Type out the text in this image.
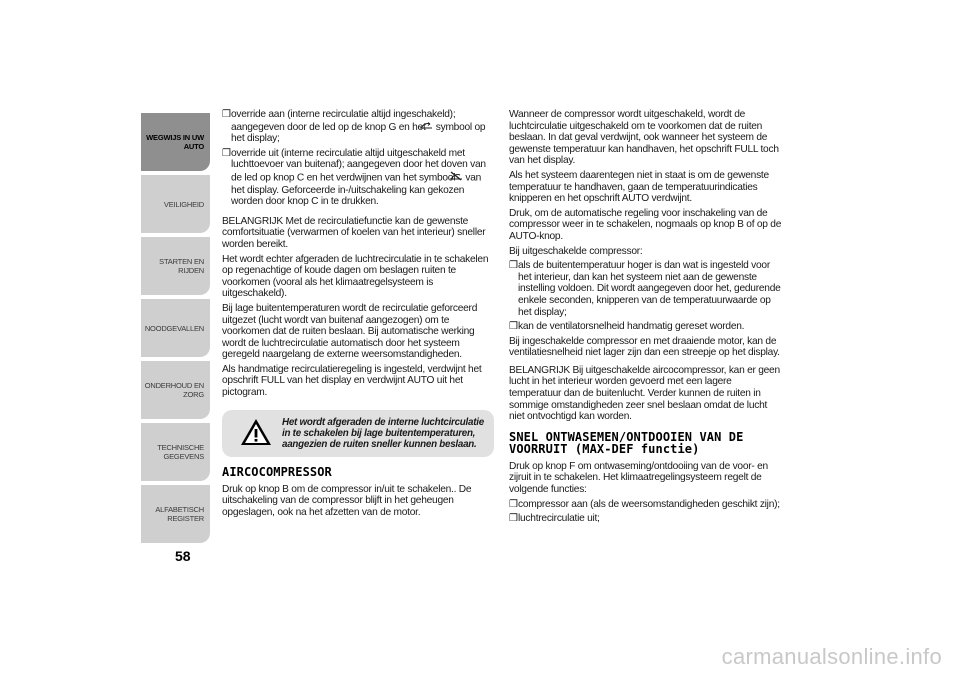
WEGWIJS IN UW AUTO
VEILIGHEID
STARTEN EN RIJDEN
NOODGEVALLEN
ONDERHOUD EN ZORG
TECHNISCHE GEGEVENS
ALFABETISCH REGISTER
58

❒override aan (interne recirculatie altijd ingeschakeld); aangegeven door de led op de knop G en het symbool op het display;

❒override uit (interne recirculatie altijd uitgeschakeld met luchttoevoer van buitenaf); aangegeven door het doven van de led op knop C en het verdwijnen van het symbool van het display. Geforceerde in-/uitschakeling kan gekozen worden door knop C in te drukken.

BELANGRIJK Met de recirculatiefunctie kan de gewenste comfortsituatie (verwarmen of koelen van het interieur) sneller worden bereikt.

Het wordt echter afgeraden de luchtrecirculatie in te schakelen op regenachtige of koude dagen om beslagen ruiten te voorkomen (vooral als het klimaatregelsysteem is uitgeschakeld).

Bij lage buitentemperaturen wordt de recirculatie geforceerd uitgezet (lucht wordt van buitenaf aangezogen) om te voorkomen dat de ruiten beslaan. Bij automatische werking wordt de luchtrecirculatie automatisch door het systeem geregeld naargelang de externe weersomstandigheden.

Als handmatige recirculatieregeling is ingesteld, verdwijnt het opschrift FULL van het display en verdwijnt AUTO uit het pictogram.

Het wordt afgeraden de interne luchtcirculatie in te schakelen bij lage buitentemperaturen, aangezien de ruiten sneller kunnen beslaan.
AIRCOCOMPRESSOR

Druk op knop B om de compressor in/uit te schakelen.. De uitschakeling van de compressor blijft in het geheugen opgeslagen, ook na het afzetten van de motor.

Wanneer de compressor wordt uitgeschakeld, wordt de luchtcirculatie uitgeschakeld om te voorkomen dat de ruiten beslaan. In dat geval verdwijnt, ook wanneer het systeem de gewenste temperatuur kan handhaven, het opschrift FULL toch van het display.

Als het systeem daarentegen niet in staat is om de gewenste temperatuur te handhaven, gaan de temperatuurindicaties knipperen en het opschrift AUTO verdwijnt.

Druk, om de automatische regeling voor inschakeling van de compressor weer in te schakelen, nogmaals op knop B of op de AUTO-knop.

Bij uitgeschakelde compressor:

❒als de buitentemperatuur hoger is dan wat is ingesteld voor het interieur, dan kan het systeem niet aan de gewenste instelling voldoen. Dit wordt aangegeven door het, gedurende enkele seconden, knipperen van de temperatuurwaarde op het display;

❒kan de ventilatorsnelheid handmatig gereset worden.

Bij ingeschakelde compressor en met draaiende motor, kan de ventilatiesnelheid niet lager zijn dan een streepje op het display.

BELANGRIJK Bij uitgeschakelde aircocompressor, kan er geen lucht in het interieur worden gevoerd met een lagere temperatuur dan de buitenlucht. Verder kunnen de ruiten in sommige omstandigheden zeer snel beslaan omdat de lucht niet ontvochtigd kan worden.

SNEL ONTWASEMEN/ONTDOOIEN VAN DE VOORRUIT (MAX-DEF functie)

Druk op knop F om ontwaseming/ontdooiing van de voor- en zijruit in te schakelen. Het klimaatregelingsysteem regelt de volgende functies:

❒compressor aan (als de weersomstandigheden geschikt zijn);

❒luchtrecirculatie uit;

carmanualsonline.info
